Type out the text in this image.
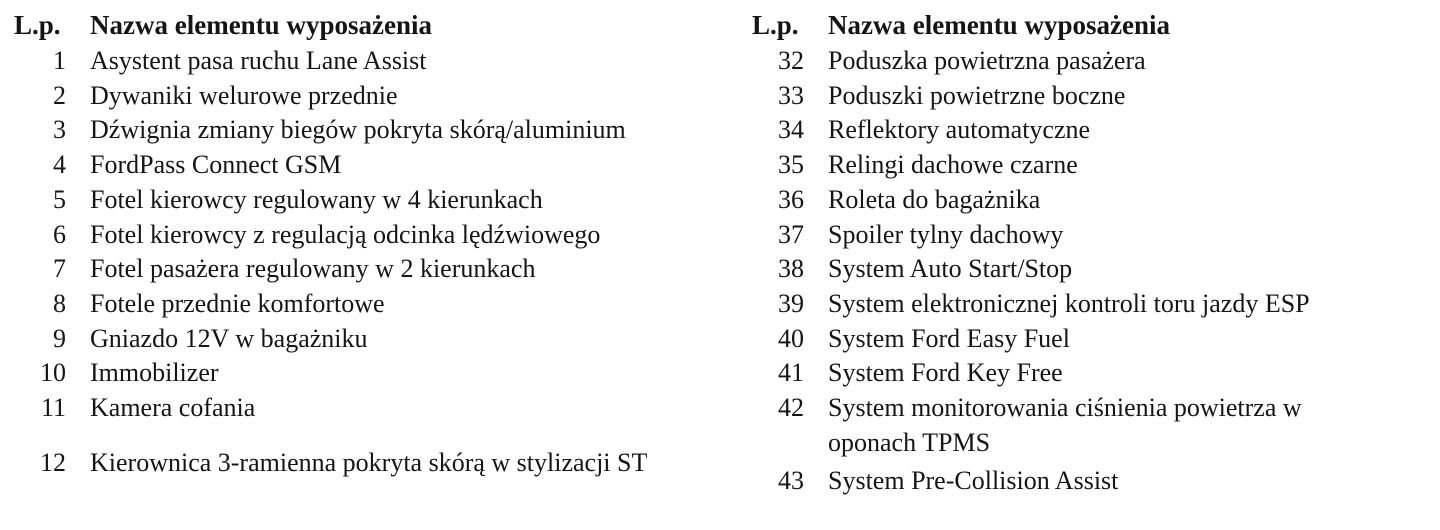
L.p.	Nazwa elementu wyposażenia
1 Asystent pasa ruchu Lane Assist
2 Dywaniki welurowe przednie
3 Dźwignia zmiany biegów pokryta skórą/aluminium
4 FordPass Connect GSM
5 Fotel kierowcy regulowany w 4 kierunkach
6 Fotel kierowcy z regulacją odcinka lędźwiowego
7 Fotel pasażera regulowany w 2 kierunkach
8 Fotele przednie komfortowe
9 Gniazdo 12V w bagażniku
10 Immobilizer
11 Kamera cofania
12 Kierownica 3-ramienna pokryta skórą w stylizacji ST
L.p.	Nazwa elementu wyposażenia
32 Poduszka powietrzna pasażera
33 Poduszki powietrzne boczne
34 Reflektory automatyczne
35 Relingi dachowe czarne
36 Roleta do bagażnika
37 Spoiler tylny dachowy
38 System Auto Start/Stop
39 System elektronicznej kontroli toru jazdy ESP
40 System Ford Easy Fuel
41 System Ford Key Free
42 System monitorowania ciśnienia powietrza w oponach TPMS
43 System Pre-Collision Assist
